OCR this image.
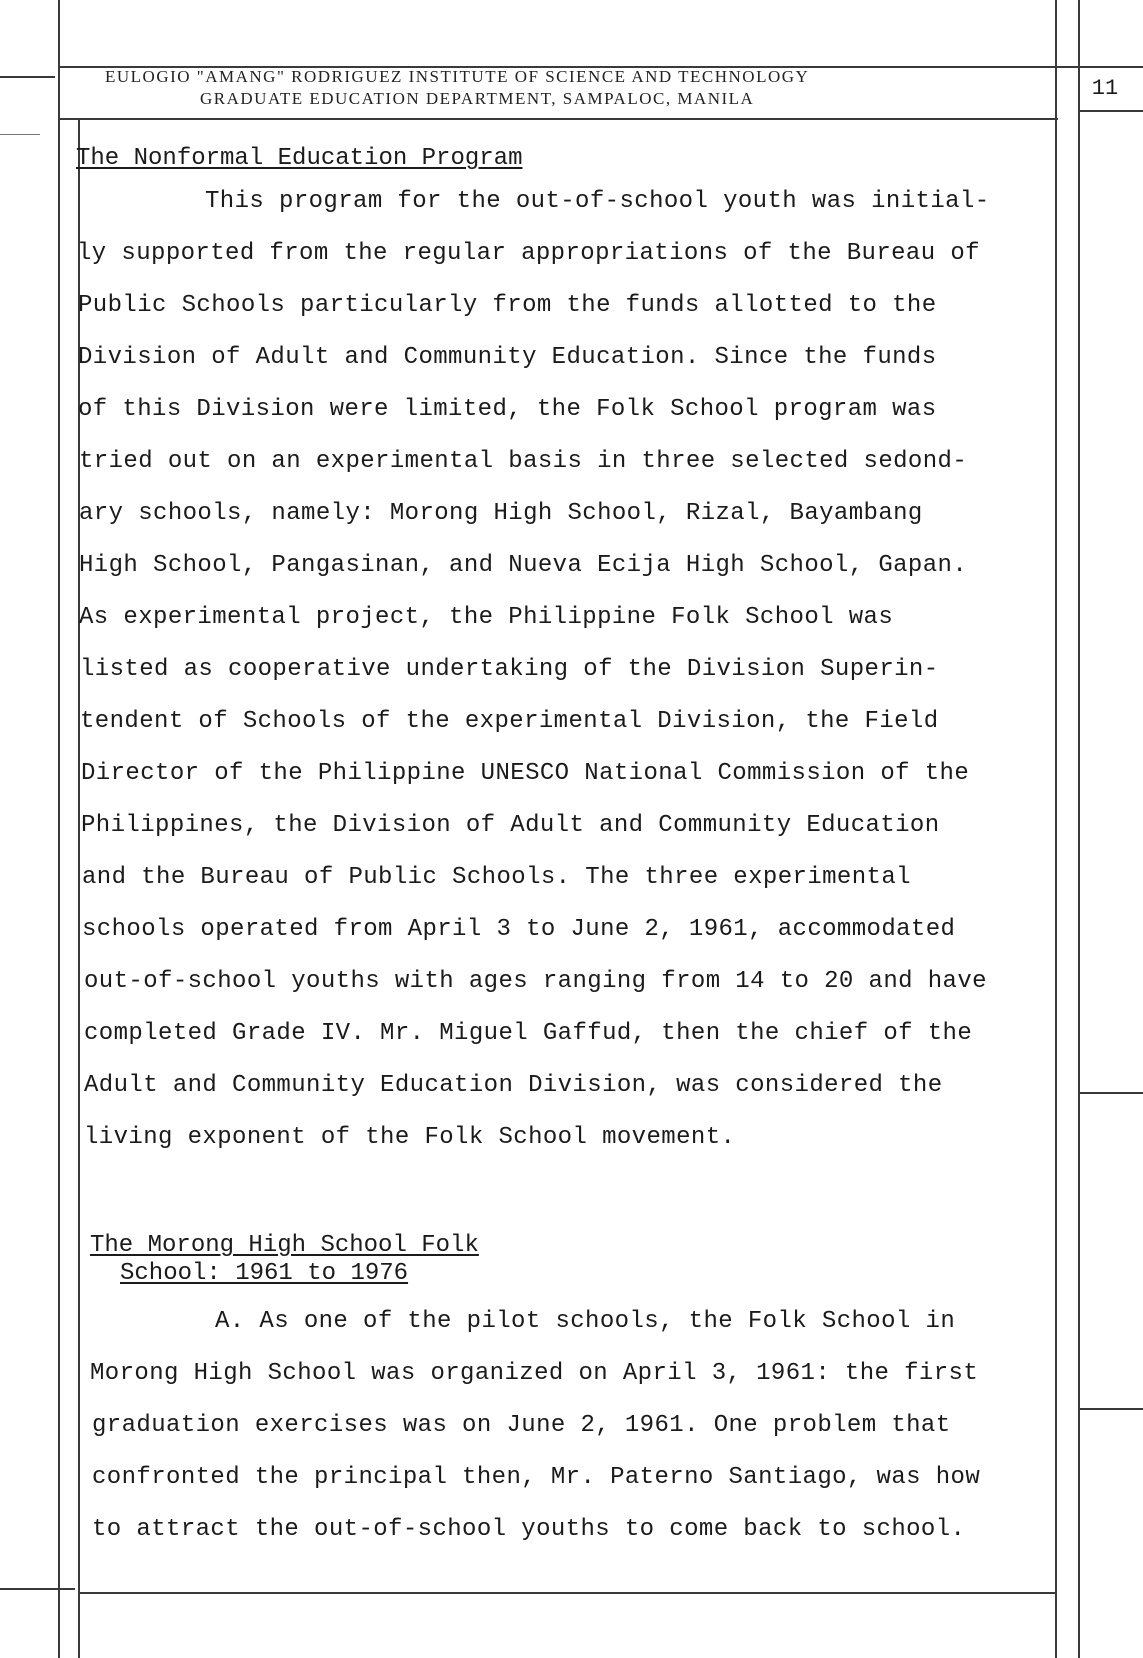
EULOGIO "AMANG" RODRIGUEZ INSTITUTE OF SCIENCE AND TECHNOLOGY
GRADUATE EDUCATION DEPARTMENT, SAMPALOC, MANILA	11
The Nonformal Education Program
This program for the out-of-school youth was initial-
ly supported from the regular appropriations of the Bureau of
Public Schools particularly from the funds allotted to the
Division of Adult and Community Education. Since the funds
of this Division were limited, the Folk School program was
tried out on an experimental basis in three selected sedond-
ary schools, namely: Morong High School, Rizal, Bayambang
High School, Pangasinan, and Nueva Ecija High School, Gapan.
As experimental project, the Philippine Folk School was
listed as cooperative undertaking of the Division Superin-
tendent of Schools of the experimental Division, the Field
Director of the Philippine UNESCO National Commission of the
Philippines, the Division of Adult and Community Education
and the Bureau of Public Schools. The three experimental
schools operated from April 3 to June 2, 1961, accommodated
out-of-school youths with ages ranging from 14 to 20 and have
completed Grade IV. Mr. Miguel Gaffud, then the chief of the
Adult and Community Education Division, was considered the
living exponent of the Folk School movement.
The Morong High School Folk
School: 1961 to 1976
A. As one of the pilot schools, the Folk School in
Morong High School was organized on April 3, 1961: the first
graduation exercises was on June 2, 1961. One problem that
confronted the principal then, Mr. Paterno Santiago, was how
to attract the out-of-school youths to come back to school.
